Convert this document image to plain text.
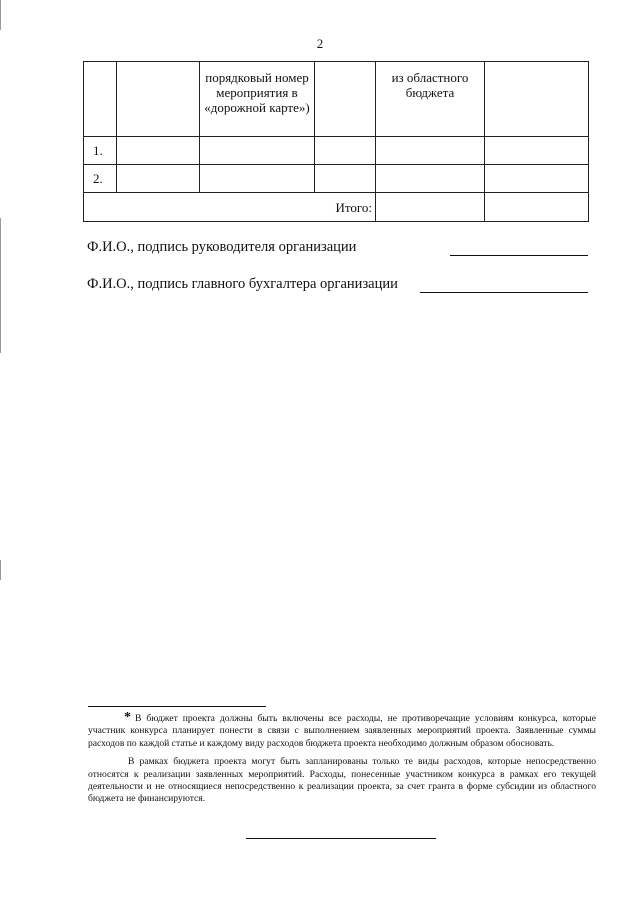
2
		порядковый номер мероприятия в «дорожной карте»)		из областного бюджета	
1.					
2.					
Итого:					
Ф.И.О., подпись руководителя организации
Ф.И.О., подпись главного бухгалтера организации

* В бюджет проекта должны быть включены все расходы, не противоречащие условиям конкурса, которые участник конкурса планирует понести в связи с выполнением заявленных мероприятий проекта. Заявленные суммы расходов по каждой статье и каждому виду расходов бюджета проекта необходимо должным образом обосновать.

В рамках бюджета проекта могут быть запланированы только те виды расходов, которые непосредственно относятся к реализации заявленных мероприятий. Расходы, понесенные участником конкурса в рамках его текущей деятельности и не относящиеся непосредственно к реализации проекта, за счет гранта в форме субсидии из областного бюджета не финансируются.
